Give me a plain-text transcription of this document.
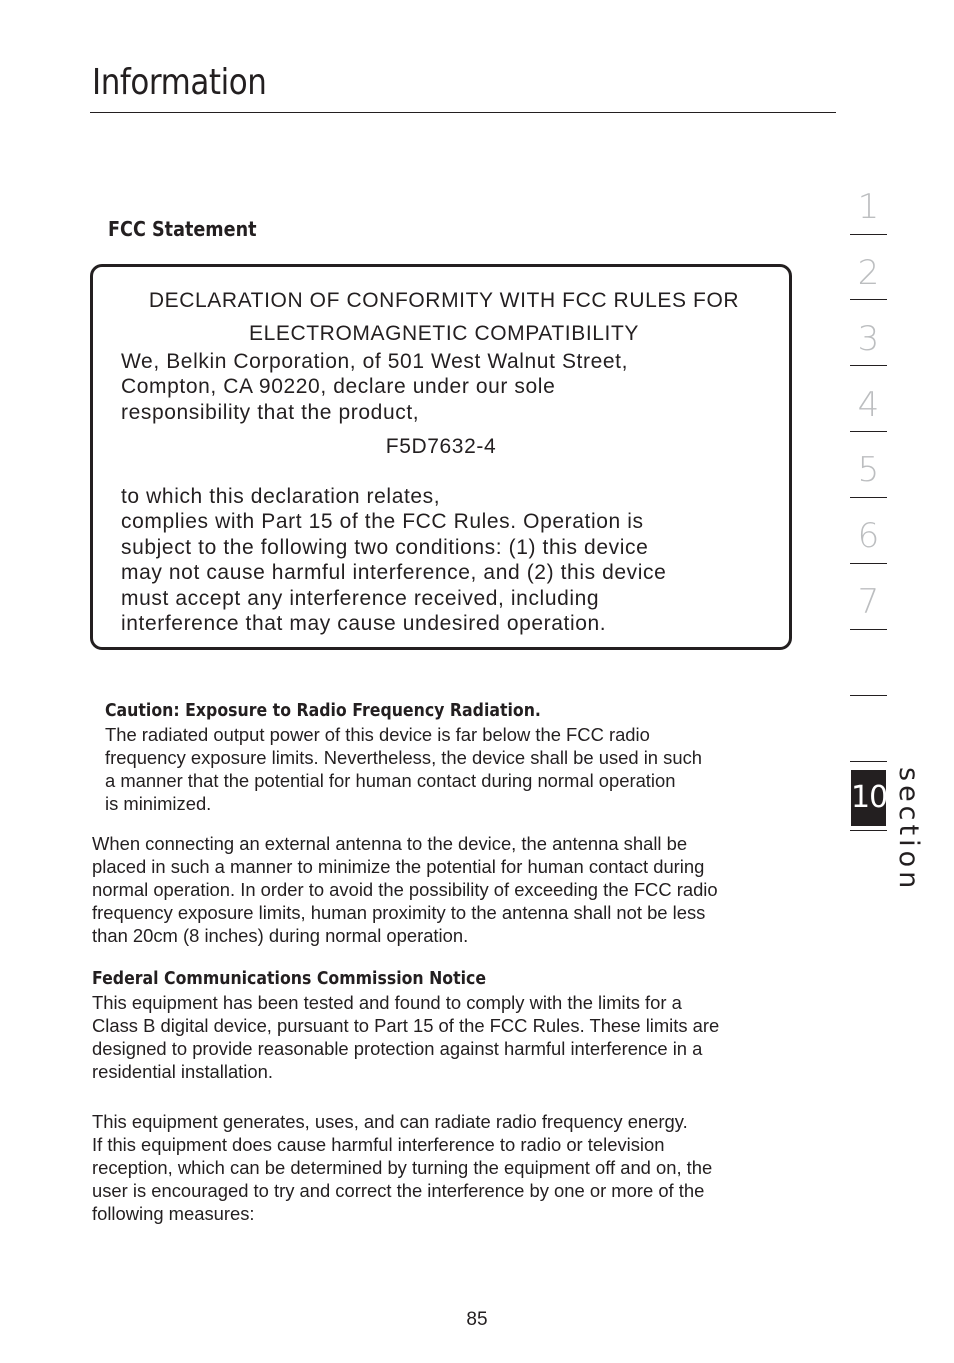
Information
FCC Statement
DECLARATION OF CONFORMITY WITH FCC RULES FOR
ELECTROMAGNETIC COMPATIBILITY

We, Belkin Corporation, of 501 West Walnut Street,
Compton, CA 90220, declare under our sole
responsibility that the product,

F5D7632-4

to which this declaration relates,
complies with Part 15 of the FCC Rules. Operation is
subject to the following two conditions: (1) this device
may not cause harmful interference, and (2) this device
must accept any interference received, including
interference that may cause undesired operation.

Caution: Exposure to Radio Frequency Radiation.

The radiated output power of this device is far below the FCC radio
frequency exposure limits. Nevertheless, the device shall be used in such
a manner that the potential for human contact during normal operation
is minimized.

When connecting an external antenna to the device, the antenna shall be
placed in such a manner to minimize the potential for human contact during
normal operation. In order to avoid the possibility of exceeding the FCC radio
frequency exposure limits, human proximity to the antenna shall not be less
than 20cm (8 inches) during normal operation.

Federal Communications Commission Notice

This equipment has been tested and found to comply with the limits for a
Class B digital device, pursuant to Part 15 of the FCC Rules. These limits are
designed to provide reasonable protection against harmful interference in a
residential installation.

This equipment generates, uses, and can radiate radio frequency energy.
If this equipment does cause harmful interference to radio or television
reception, which can be determined by turning the equipment off and on, the
user is encouraged to try and correct the interference by one or more of the
following measures:

85
1
2
3
4
5
6
7
10 section
